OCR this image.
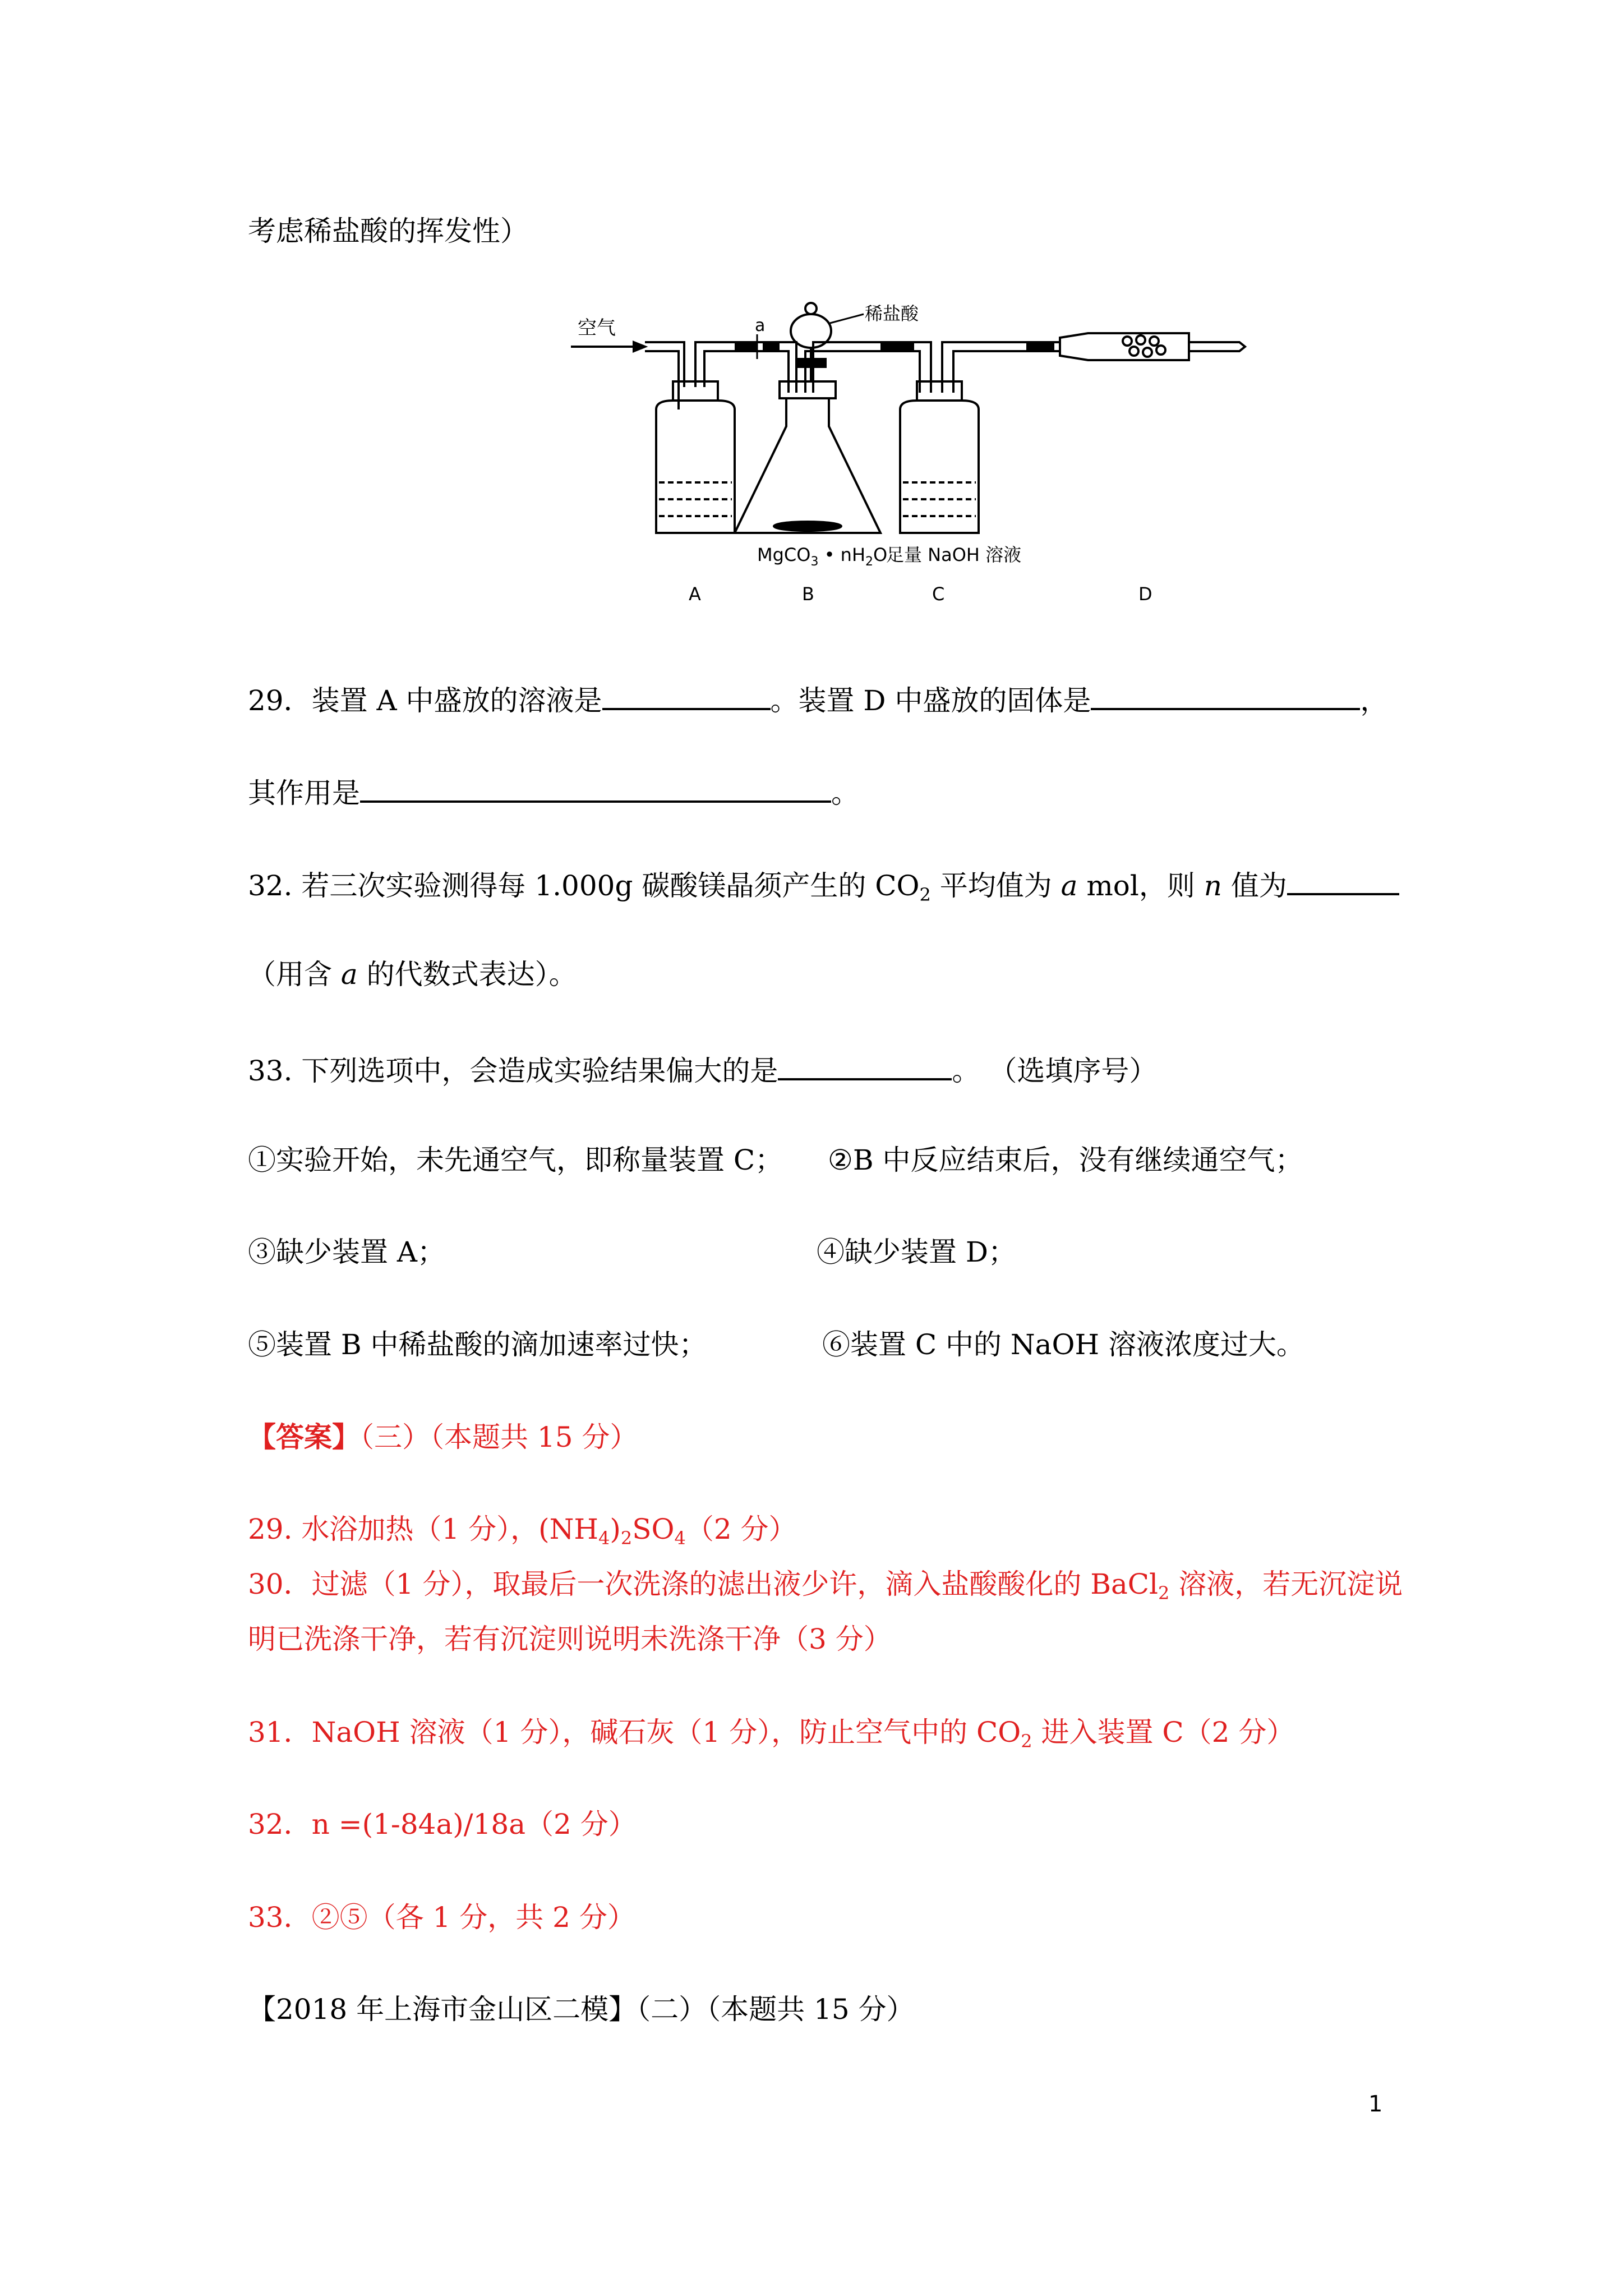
考虑稀盐酸的挥发性）

空气	a
稀盐酸
MgCO$_3$ • $nH_2O$
足量 NaOH 溶液
A	B	C	D

29．装置 A 中盛放的溶液是	。装置 D 中盛放的固体是	，

其作用是	。

32. 若三次实验测得每 1.000g 碳酸镁晶须产生的 $CO_2$ 平均值为 a mol，则 n 值为

（用含 a 的代数式表达）。

33. 下列选项中，会造成实验结果偏大的是	。 （选填序号）

①实验开始，未先通空气，即称量装置 C； ②B 中反应结束后，没有继续通空气；

③缺少装置 A；	④缺少装置 D；

⑤装置 B 中稀盐酸的滴加速率过快；	⑥装置 C 中的 NaOH 溶液浓度过大。

【答案】（三）（本题共 15 分）

29. 水浴加热（1 分），$(NH_4)_2SO_4(2$ 分）

30．过滤（1 分），取最后一次洗涤的滤出液少许，滴入盐酸酸化的 BaCl$_2$ 溶液，若无沉淀说

明已洗涤干净，若有沉淀则说明未洗涤干净（3 分）

31．NaOH 溶液（1 分），碱石灰（1 分），防止空气中的 $CO_2$ 进入装置 C（2 分）

32．n =(1-84a)/18a（2 分）

33．②⑤（各 1 分，共 2 分）

【2018 年上海市金山区二模】（二）（本题共 15 分）

1
